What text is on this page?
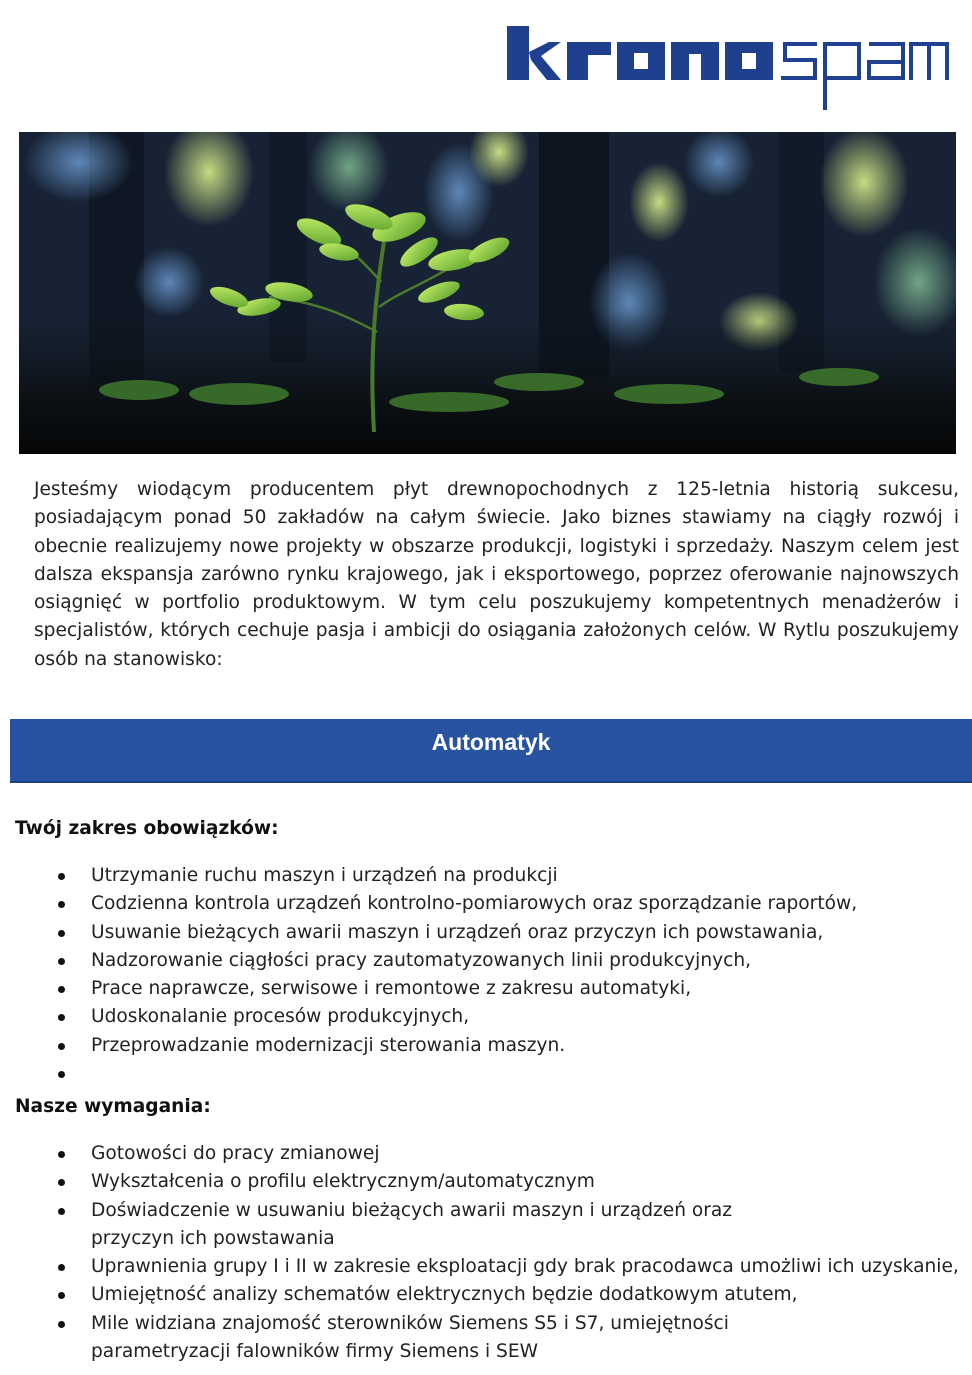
Jesteśmy wiodącym producentem płyt drewnopochodnych z 125-letnia historią sukcesu, posiadającym ponad 50 zakładów na całym świecie. Jako biznes stawiamy na ciągły rozwój i obecnie realizujemy nowe projekty w obszarze produkcji, logistyki i sprzedaży. Naszym celem jest dalsza ekspansja zarówno rynku krajowego, jak i eksportowego, poprzez oferowanie najnowszych osiągnięć w portfolio produktowym. W tym celu poszukujemy kompetentnych menadżerów i specjalistów, których cechuje pasja i ambicji do osiągania założonych celów. W Rytlu poszukujemy osób na stanowisko:

Automatyk
Twój zakres obowiązków:
Utrzymanie ruchu maszyn i urządzeń na produkcji
Codzienna kontrola urządzeń kontrolno-pomiarowych oraz sporządzanie raportów,
Usuwanie bieżących awarii maszyn i urządzeń oraz przyczyn ich powstawania,
Nadzorowanie ciągłości pracy zautomatyzowanych linii produkcyjnych,
Prace naprawcze, serwisowe i remontowe z zakresu automatyki,
Udoskonalanie procesów produkcyjnych,
Przeprowadzanie modernizacji sterowania maszyn.
Nasze wymagania:
Gotowości do pracy zmianowej
Wykształcenia o profilu elektrycznym/automatycznym
Doświadczenie w usuwaniu bieżących awarii maszyn i urządzeń oraz przyczyn ich powstawania
Uprawnienia grupy I i II w zakresie eksploatacji gdy brak pracodawca umożliwi ich uzyskanie,
Umiejętność analizy schematów elektrycznych będzie dodatkowym atutem,
Mile widziana znajomość sterowników Siemens S5 i S7, umiejętności parametryzacji falowników firmy Siemens i SEW
